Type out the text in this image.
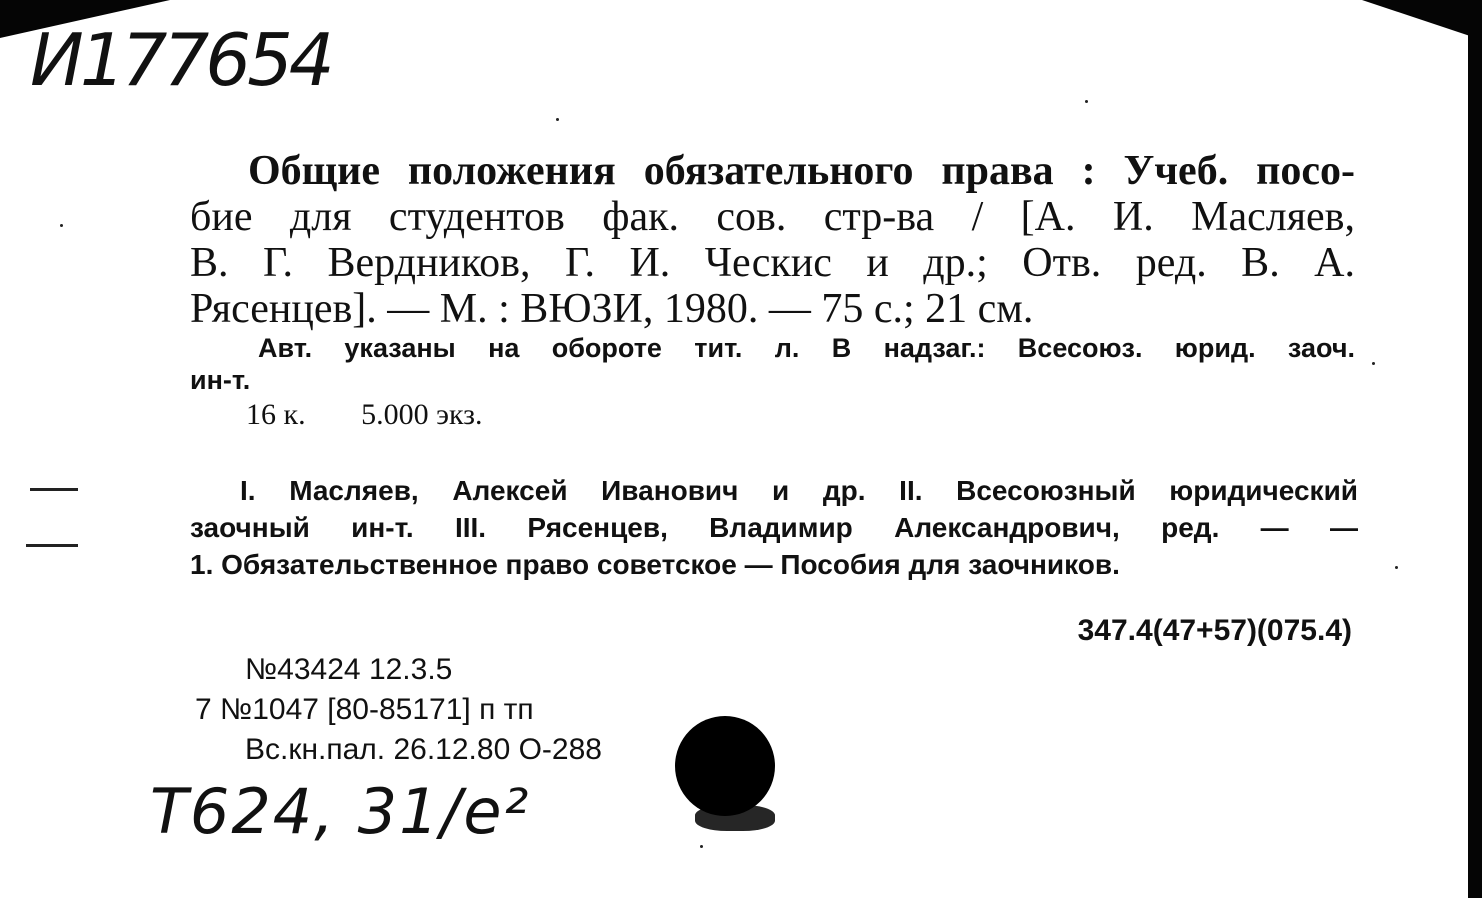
И177654
Общие положения обязательного права : Учеб. посо-
бие для студентов фак. сов. стр-ва / [А. И. Масляев,
В. Г. Вердников, Г. И. Ческис и др.; Отв. ред. В. А.
Рясенцев]. — М. : ВЮЗИ, 1980. — 75 с.; 21 см.
Авт. указаны на обороте тит. л. В надзаг.: Всесоюз. юрид. заоч.
ин-т.
16 к. 5.000 экз.
I. Масляев, Алексей Иванович и др. II. Всесоюзный юридический
заочный ин-т. III. Рясенцев, Владимир Александрович, ред. — —
1. Обязательственное право советское — Пособия для заочников.
347.4(47+57)(075.4)
№43424 12.3.5
7 №1047 [80-85171] п тп
Вс.кн.пал. 26.12.80 О-288
Т624, 31/е²
